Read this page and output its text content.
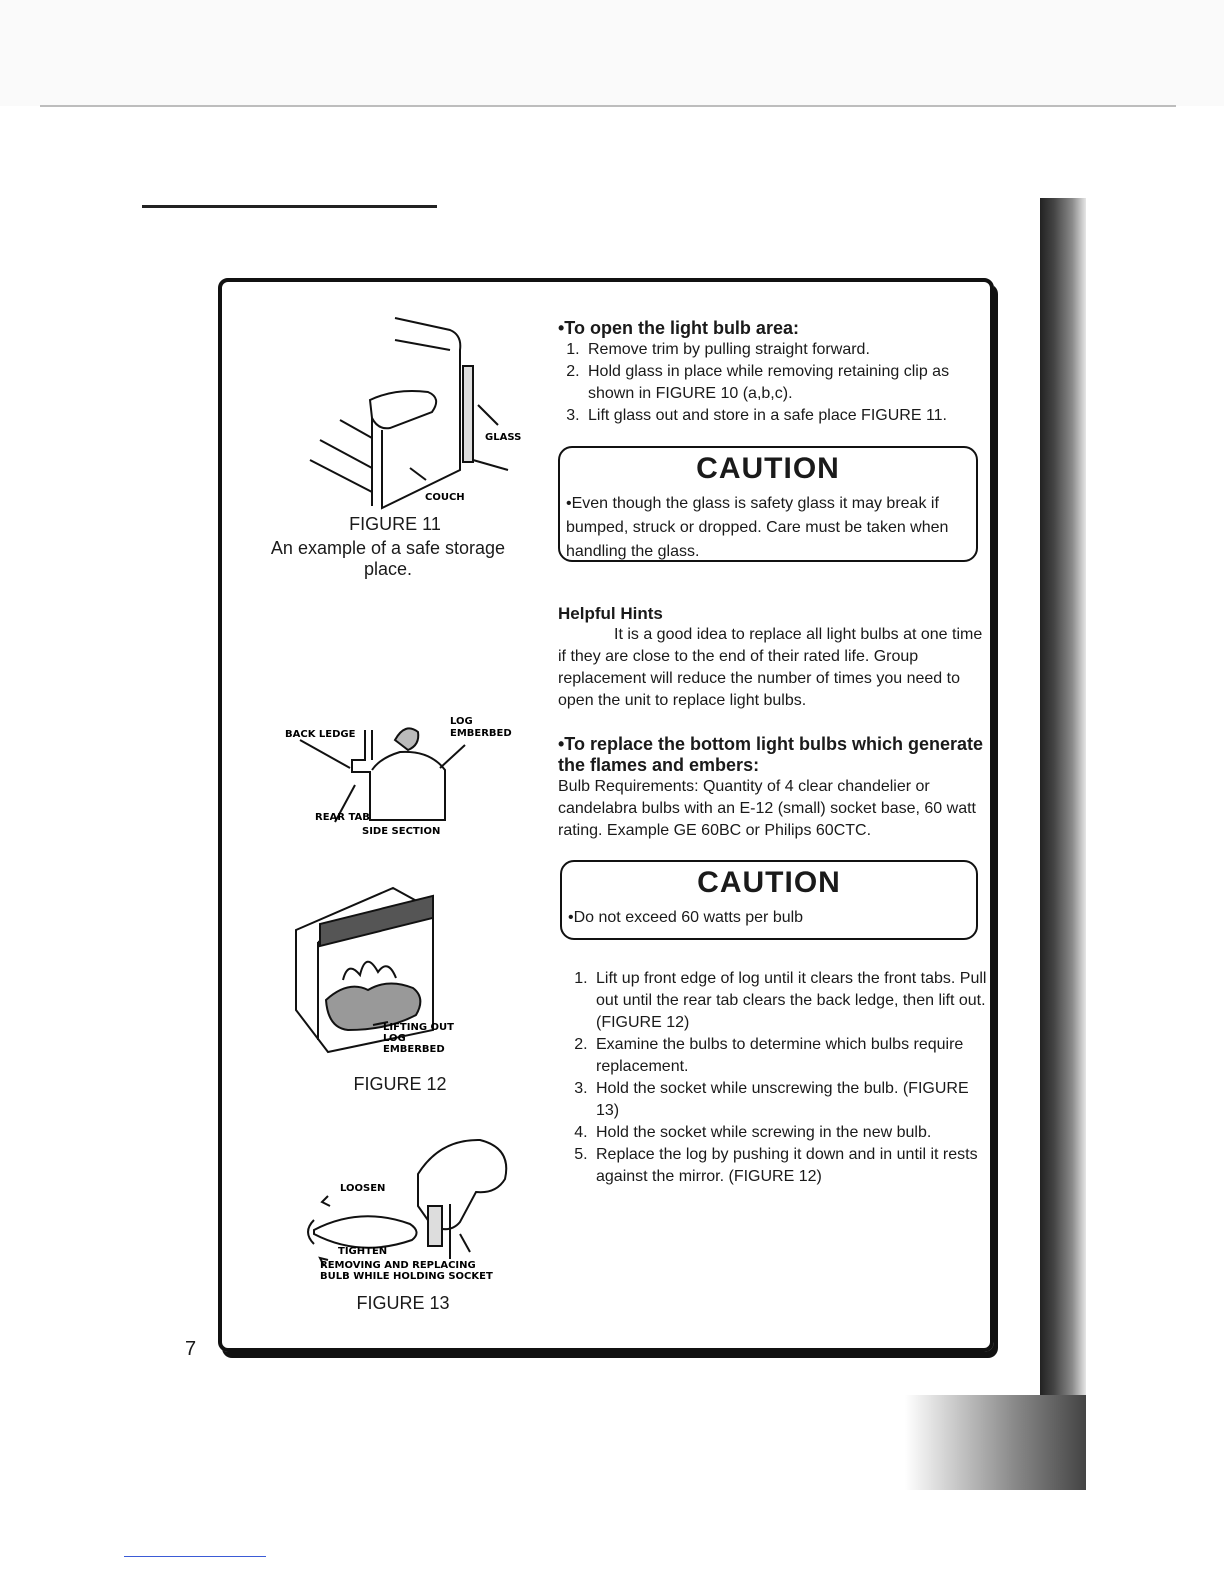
7
GLASS
COUCH
FIGURE 11
An example of a safe storage place.
BACK LEDGE
LOG
EMBERBED
REAR TAB
SIDE SECTION
LIFTING OUT
LOG
EMBERBED
FIGURE 12
LOOSEN
TIGHTEN
REMOVING AND REPLACING
BULB WHILE HOLDING SOCKET
FIGURE 13

•To open the light bulb area:

1. Remove trim by pulling straight forward.
2. Hold glass in place while removing retaining clip as shown in FIGURE 10 (a,b,c).
3. Lift glass out and store in a safe place FIGURE 11.

CAUTION

•Even though the glass is safety glass it may break if bumped, struck or dropped. Care must be taken when handling the glass.

Helpful Hints

It is a good idea to replace all light bulbs at one time if they are close to the end of their rated life. Group replacement will reduce the number of times you need to open the unit to replace light bulbs.

•To replace the bottom light bulbs which generate the flames and embers:

Bulb Requirements: Quantity of 4 clear chandelier or candelabra bulbs with an E-12 (small) socket base, 60 watt rating. Example GE 60BC or Philips 60CTC.

CAUTION

•Do not exceed 60 watts per bulb
1. Lift up front edge of log until it clears the front tabs. Pull out until the rear tab clears the back ledge, then lift out. (FIGURE 12)
2. Examine the bulbs to determine which bulbs require replacement.
3. Hold the socket while unscrewing the bulb. (FIGURE 13)
4. Hold the socket while screwing in the new bulb.
5. Replace the log by pushing it down and in until it rests against the mirror. (FIGURE 12)
